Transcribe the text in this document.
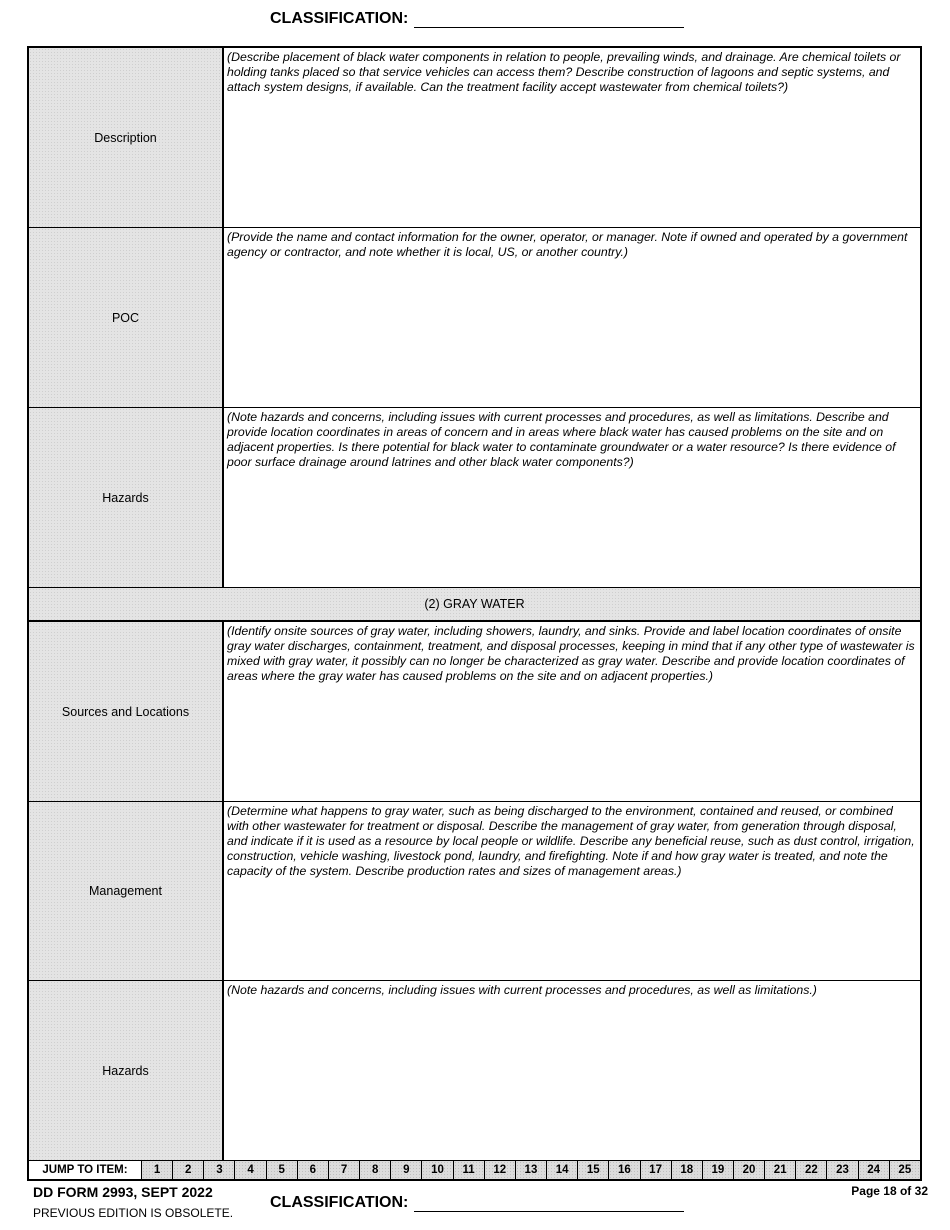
CLASSIFICATION:
Description
(Describe placement of black water components in relation to people, prevailing winds, and drainage. Are chemical toilets or holding tanks placed so that service vehicles can access them? Describe construction of lagoons and septic systems, and attach system designs, if available. Can the treatment facility accept wastewater from chemical toilets?)
POC
(Provide the name and contact information for the owner, operator, or manager. Note if owned and operated by a government agency or contractor, and note whether it is local, US, or another country.)
Hazards
(Note hazards and concerns, including issues with current processes and procedures, as well as limitations. Describe and provide location coordinates in areas of concern and in areas where black water has caused problems on the site and on adjacent properties. Is there potential for black water to contaminate groundwater or a water resource? Is there evidence of poor surface drainage around latrines and other black water components?)
(2) GRAY WATER
Sources and Locations
(Identify onsite sources of gray water, including showers, laundry, and sinks. Provide and label location coordinates of onsite gray water discharges, containment, treatment, and disposal processes, keeping in mind that if any other type of wastewater is mixed with gray water, it possibly can no longer be characterized as gray water. Describe and provide location coordinates of areas where the gray water has caused problems on the site and on adjacent properties.)
Management
(Determine what happens to gray water, such as being discharged to the environment, contained and reused, or combined with other wastewater for treatment or disposal. Describe the management of gray water, from generation through disposal, and indicate if it is used as a resource by local people or wildlife. Describe any beneficial reuse, such as dust control, irrigation, construction, vehicle washing, livestock pond, laundry, and firefighting. Note if and how gray water is treated, and note the capacity of the system. Describe production rates and sizes of management areas.)
Hazards
(Note hazards and concerns, including issues with current processes and procedures, as well as limitations.)
JUMP TO ITEM:	1	2	3	4	5	6	7	8	9	10	11	12	13	14	15	16	17	18	19	20	21	22	23	24	25
DD FORM 2993, SEPT 2022
PREVIOUS EDITION IS OBSOLETE.
Page 18 of 32
CLASSIFICATION:
